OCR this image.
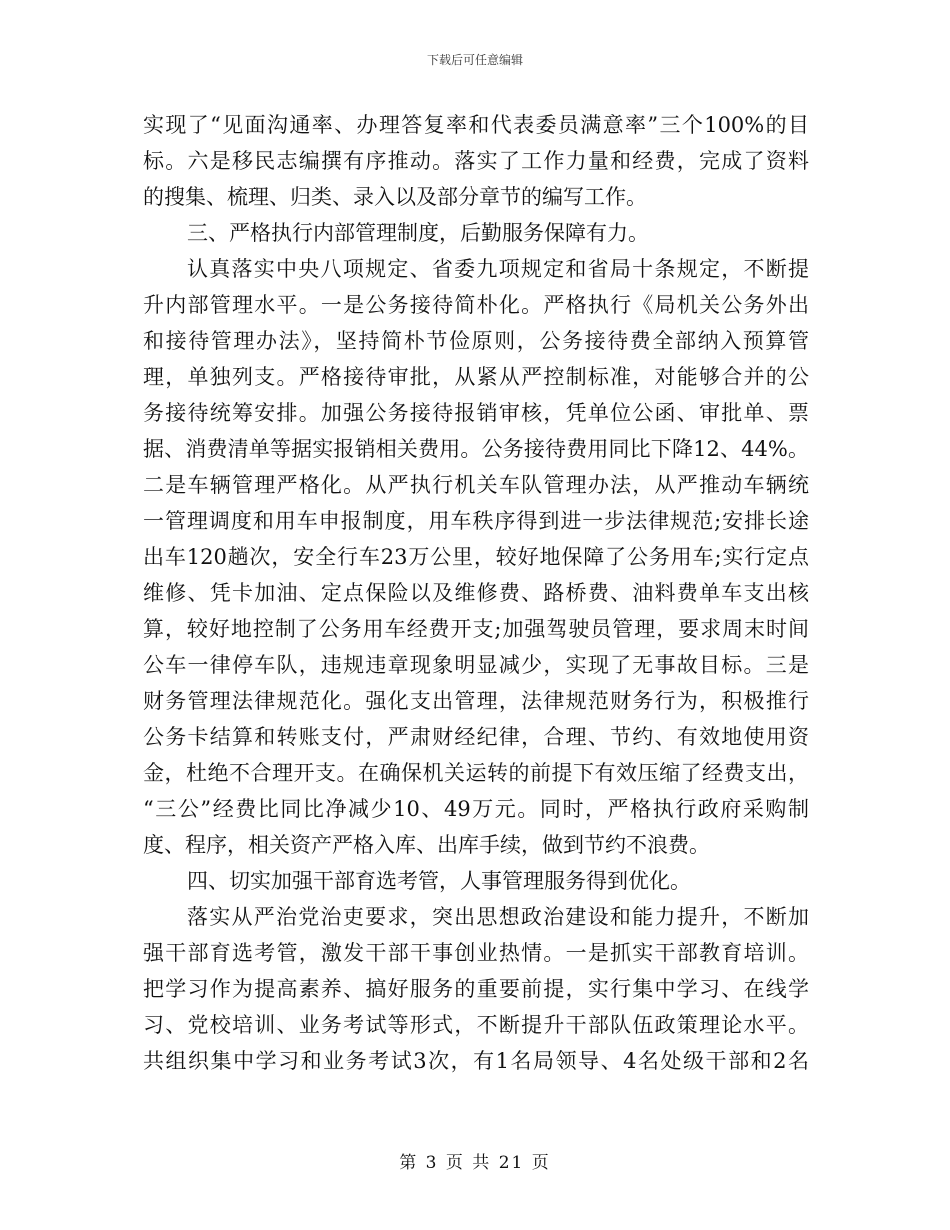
下载后可任意编辑
实现了“见面沟通率、办理答复率和代表委员满意率”三个100%的目
标。六是移民志编撰有序推动。落实了工作力量和经费，完成了资料
的搜集、梳理、归类、录入以及部分章节的编写工作。
三、严格执行内部管理制度，后勤服务保障有力。
认真落实中央八项规定、省委九项规定和省局十条规定，不断提
升内部管理水平。一是公务接待简朴化。严格执行《局机关公务外出
和接待管理办法》，坚持简朴节俭原则，公务接待费全部纳入预算管
理，单独列支。严格接待审批，从紧从严控制标准，对能够合并的公
务接待统筹安排。加强公务接待报销审核，凭单位公函、审批单、票
据、消费清单等据实报销相关费用。公务接待费用同比下降12、44%。
二是车辆管理严格化。从严执行机关车队管理办法，从严推动车辆统
一管理调度和用车申报制度，用车秩序得到进一步法律规范;安排长途
出车120趟次，安全行车23万公里，较好地保障了公务用车;实行定点
维修、凭卡加油、定点保险以及维修费、路桥费、油料费单车支出核
算，较好地控制了公务用车经费开支;加强驾驶员管理，要求周末时间
公车一律停车队，违规违章现象明显减少，实现了无事故目标。三是
财务管理法律规范化。强化支出管理，法律规范财务行为，积极推行
公务卡结算和转账支付，严肃财经纪律，合理、节约、有效地使用资
金，杜绝不合理开支。在确保机关运转的前提下有效压缩了经费支出，
“三公”经费比同比净减少10、49万元。同时，严格执行政府采购制
度、程序，相关资产严格入库、出库手续，做到节约不浪费。
四、切实加强干部育选考管，人事管理服务得到优化。
落实从严治党治吏要求，突出思想政治建设和能力提升，不断加
强干部育选考管，激发干部干事创业热情。一是抓实干部教育培训。
把学习作为提高素养、搞好服务的重要前提，实行集中学习、在线学
习、党校培训、业务考试等形式，不断提升干部队伍政策理论水平。
共组织集中学习和业务考试3次，有1名局领导、4名处级干部和2名
第 3 页 共 21 页
